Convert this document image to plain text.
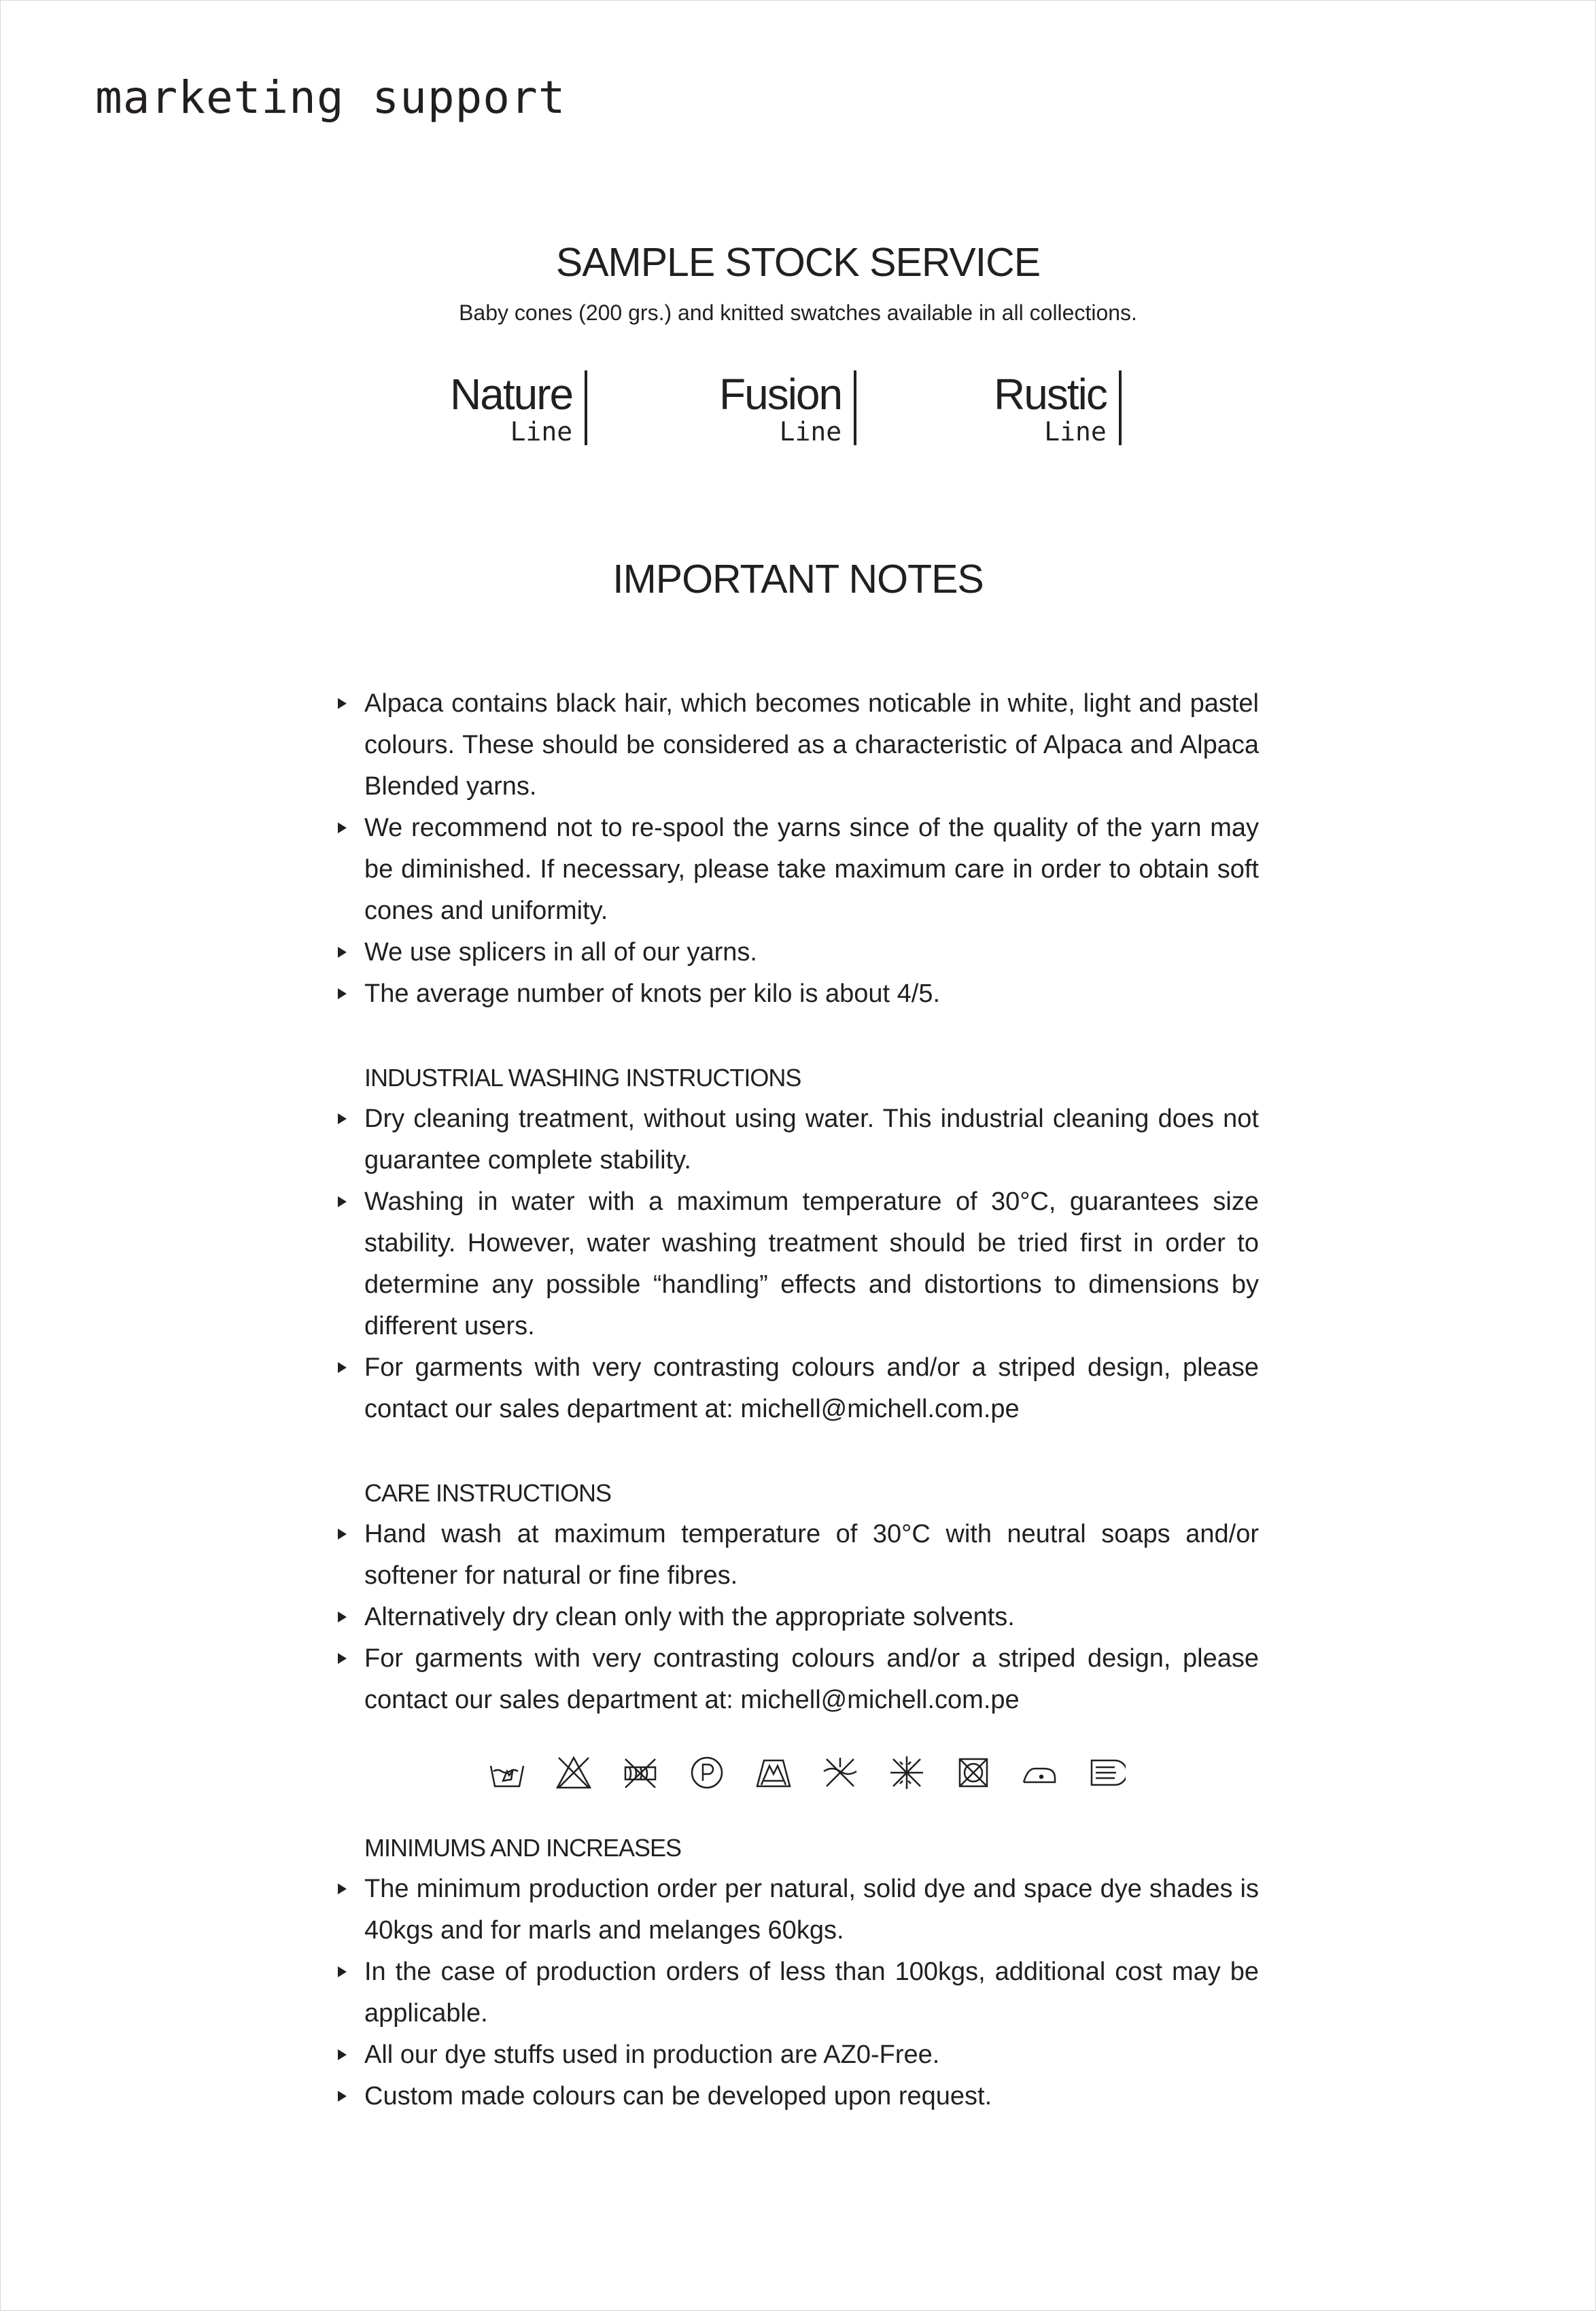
marketing support
SAMPLE STOCK SERVICE
Baby cones (200 grs.) and knitted swatches available in all collections.
Nature
Line
Fusion
Line
Rustic
Line
IMPORTANT NOTES
Alpaca contains black hair, which becomes noticable in white, light and pastel colours. These should be considered as a characteristic of Alpaca and Alpaca Blended yarns.
We recommend not to re-spool the yarns since of the quality of the yarn may be diminished. If necessary, please take maximum care in order to obtain soft cones and uniformity.
We use splicers in all of our yarns.
The average number of knots per kilo is about 4/5.
INDUSTRIAL WASHING INSTRUCTIONS
Dry cleaning treatment, without using water. This industrial cleaning does not guarantee complete stability.
Washing in water with a maximum temperature of 30°C, guarantees size stability. However, water washing treatment should be tried first in order to determine any possible “handling” effects and distortions to dimensions by different users.
For garments with very contrasting colours and/or a striped design, please contact our sales department at: michell@michell.com.pe
CARE INSTRUCTIONS
Hand wash at maximum temperature of 30°C with neutral soaps and/or softener for natural or fine fibres.
Alternatively dry clean only with the appropriate solvents.
For garments with very contrasting colours and/or a striped design, please contact our sales department at: michell@michell.com.pe
MINIMUMS AND INCREASES
The minimum production order per natural, solid dye and space dye shades is 40kgs and for marls and melanges 60kgs.
In the case of production orders of less than 100kgs, additional cost may be applicable.
All our dye stuffs used in production are AZ0-Free.
Custom made colours can be developed upon request.
